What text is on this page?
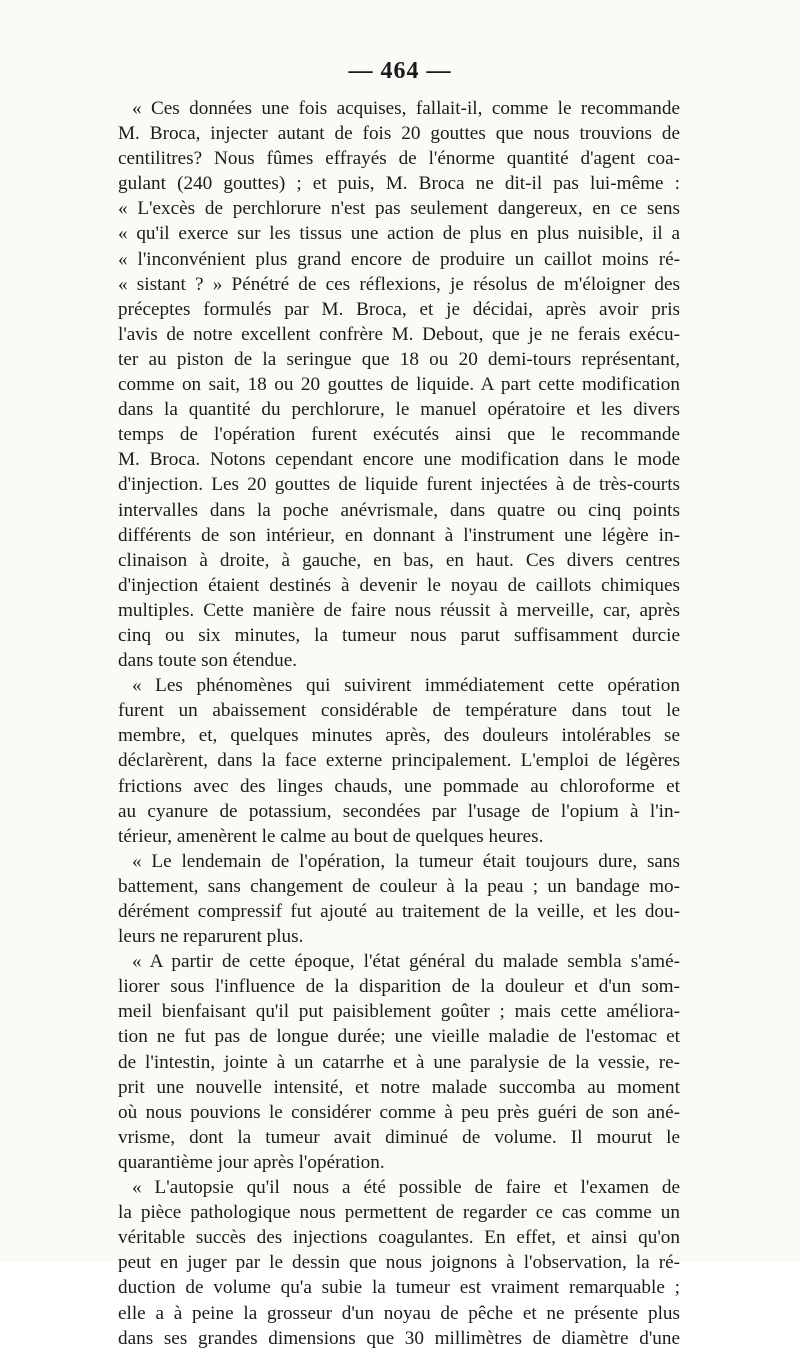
— 464 —
« Ces données une fois acquises, fallait-il, comme le recommande
M. Broca, injecter autant de fois 20 gouttes que nous trouvions de
centilitres? Nous fûmes effrayés de l'énorme quantité d'agent coa-
gulant (240 gouttes) ; et puis, M. Broca ne dit-il pas lui-même :
« L'excès de perchlorure n'est pas seulement dangereux, en ce sens
« qu'il exerce sur les tissus une action de plus en plus nuisible, il a
« l'inconvénient plus grand encore de produire un caillot moins ré-
« sistant ? » Pénétré de ces réflexions, je résolus de m'éloigner des
préceptes formulés par M. Broca, et je décidai, après avoir pris
l'avis de notre excellent confrère M. Debout, que je ne ferais exécu-
ter au piston de la seringue que 18 ou 20 demi-tours représentant,
comme on sait, 18 ou 20 gouttes de liquide. A part cette modification
dans la quantité du perchlorure, le manuel opératoire et les divers
temps de l'opération furent exécutés ainsi que le recommande
M. Broca. Notons cependant encore une modification dans le mode
d'injection. Les 20 gouttes de liquide furent injectées à de très-courts
intervalles dans la poche anévrismale, dans quatre ou cinq points
différents de son intérieur, en donnant à l'instrument une légère in-
clinaison à droite, à gauche, en bas, en haut. Ces divers centres
d'injection étaient destinés à devenir le noyau de caillots chimiques
multiples. Cette manière de faire nous réussit à merveille, car, après
cinq ou six minutes, la tumeur nous parut suffisamment durcie
dans toute son étendue.
« Les phénomènes qui suivirent immédiatement cette opération
furent un abaissement considérable de température dans tout le
membre, et, quelques minutes après, des douleurs intolérables se
déclarèrent, dans la face externe principalement. L'emploi de légères
frictions avec des linges chauds, une pommade au chloroforme et
au cyanure de potassium, secondées par l'usage de l'opium à l'in-
térieur, amenèrent le calme au bout de quelques heures.
« Le lendemain de l'opération, la tumeur était toujours dure, sans
battement, sans changement de couleur à la peau ; un bandage mo-
dérément compressif fut ajouté au traitement de la veille, et les dou-
leurs ne reparurent plus.
« A partir de cette époque, l'état général du malade sembla s'amé-
liorer sous l'influence de la disparition de la douleur et d'un som-
meil bienfaisant qu'il put paisiblement goûter ; mais cette améliora-
tion ne fut pas de longue durée; une vieille maladie de l'estomac et
de l'intestin, jointe à un catarrhe et à une paralysie de la vessie, re-
prit une nouvelle intensité, et notre malade succomba au moment
où nous pouvions le considérer comme à peu près guéri de son ané-
vrisme, dont la tumeur avait diminué de volume. Il mourut le
quarantième jour après l'opération.
« L'autopsie qu'il nous a été possible de faire et l'examen de
la pièce pathologique nous permettent de regarder ce cas comme un
véritable succès des injections coagulantes. En effet, et ainsi qu'on
peut en juger par le dessin que nous joignons à l'observation, la ré-
duction de volume qu'a subie la tumeur est vraiment remarquable ;
elle a à peine la grosseur d'un noyau de pêche et ne présente plus
dans ses grandes dimensions que 30 millimètres de diamètre d'une
